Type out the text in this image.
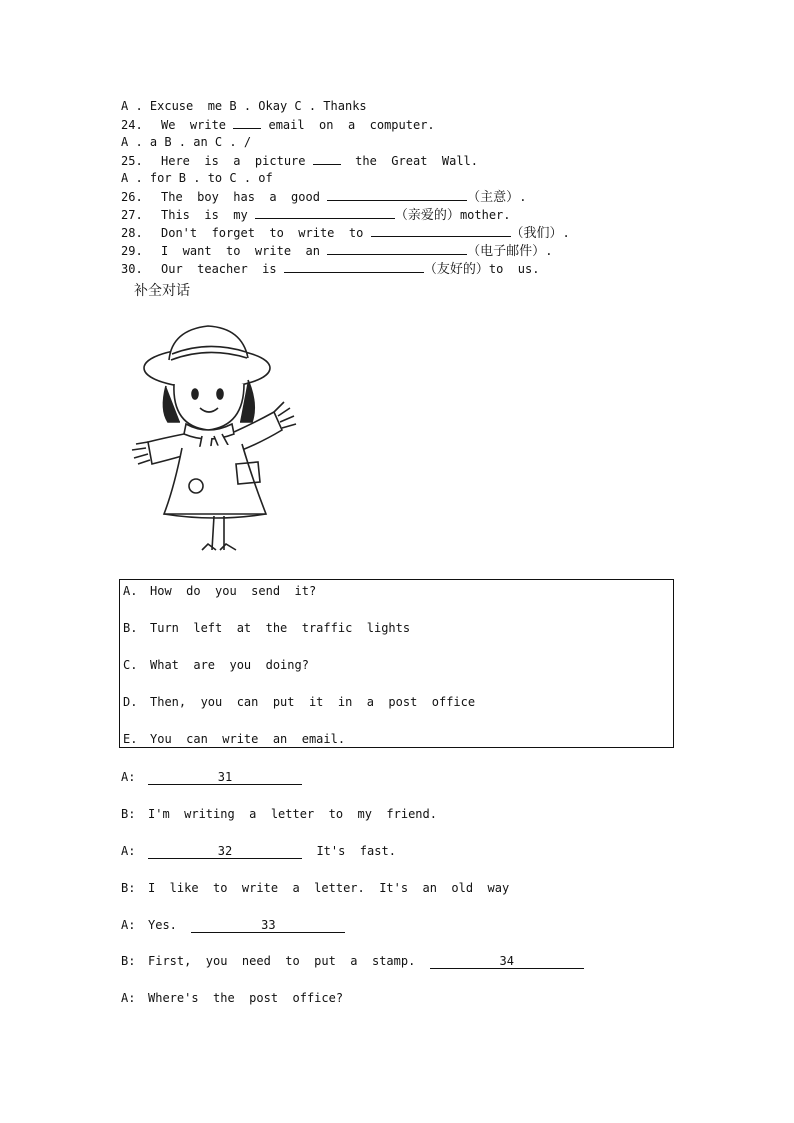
A . Excuse  me B . Okay C . Thanks
24. We  write  email  on  a  computer.
A . a B . an C . /
25. Here  is  a  picture   the  Great  Wall.
A . for B . to C . of
26. The  boy  has  a  good	（主意）.
27. This  is  my	（亲爱的）mother.
28. Don't  forget  to  write  to	（我们）.
29. I  want  to  write  an	（电子邮件）.
30. Our  teacher  is	（友好的）to  us.
补全对话
A. How  do  you  send  it?
B. Turn  left  at  the  traffic  lights
C. What  are  you  doing?
D. Then,  you  can  put  it  in  a  post  office
E. You  can  write  an  email.
A:	31
B: I'm  writing  a  letter  to  my  friend.
A:	32	It's  fast.
B: I  like  to  write  a  letter.  It's  an  old  way
A: Yes.	33
B: First,  you  need  to  put  a  stamp.	34
A: Where's  the  post  office?
